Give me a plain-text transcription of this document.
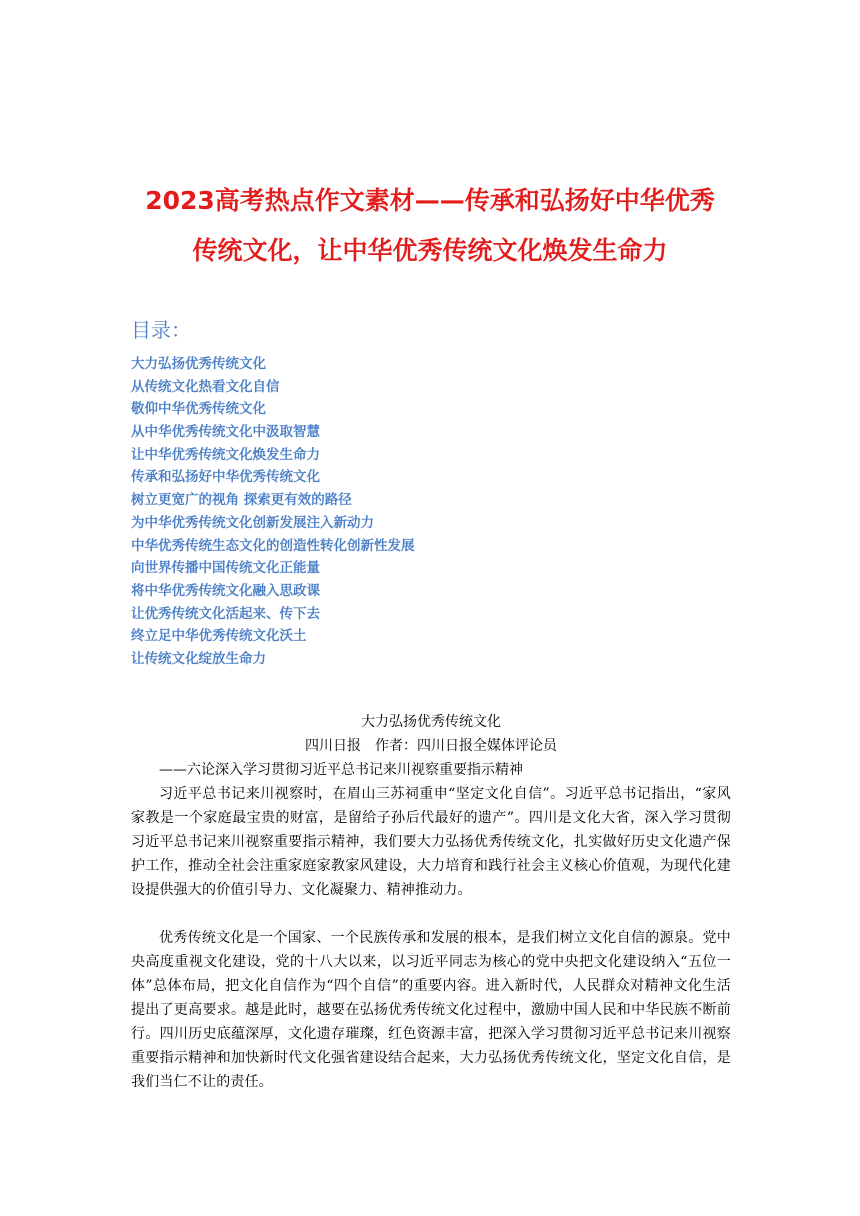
2023高考热点作文素材——传承和弘扬好中华优秀
传统文化，让中华优秀传统文化焕发生命力
目录：
大力弘扬优秀传统文化
从传统文化热看文化自信
敬仰中华优秀传统文化
从中华优秀传统文化中汲取智慧
让中华优秀传统文化焕发生命力
传承和弘扬好中华优秀传统文化
树立更宽广的视角 探索更有效的路径
为中华优秀传统文化创新发展注入新动力
中华优秀传统生态文化的创造性转化创新性发展
向世界传播中国传统文化正能量
将中华优秀传统文化融入思政课
让优秀传统文化活起来、传下去
终立足中华优秀传统文化沃土
让传统文化绽放生命力
大力弘扬优秀传统文化
四川日报　作者：四川日报全媒体评论员
——六论深入学习贯彻习近平总书记来川视察重要指示精神

习近平总书记来川视察时，在眉山三苏祠重申“坚定文化自信”。习近平总书记指出，“家风家教是一个家庭最宝贵的财富，是留给子孙后代最好的遗产”。四川是文化大省，深入学习贯彻习近平总书记来川视察重要指示精神，我们要大力弘扬优秀传统文化，扎实做好历史文化遗产保护工作，推动全社会注重家庭家教家风建设，大力培育和践行社会主义核心价值观，为现代化建设提供强大的价值引导力、文化凝聚力、精神推动力。

优秀传统文化是一个国家、一个民族传承和发展的根本，是我们树立文化自信的源泉。党中央高度重视文化建设，党的十八大以来，以习近平同志为核心的党中央把文化建设纳入“五位一体”总体布局，把文化自信作为“四个自信”的重要内容。进入新时代，人民群众对精神文化生活提出了更高要求。越是此时，越要在弘扬优秀传统文化过程中，激励中国人民和中华民族不断前行。四川历史底蕴深厚，文化遗存璀璨，红色资源丰富，把深入学习贯彻习近平总书记来川视察重要指示精神和加快新时代文化强省建设结合起来，大力弘扬优秀传统文化，坚定文化自信，是我们当仁不让的责任。
